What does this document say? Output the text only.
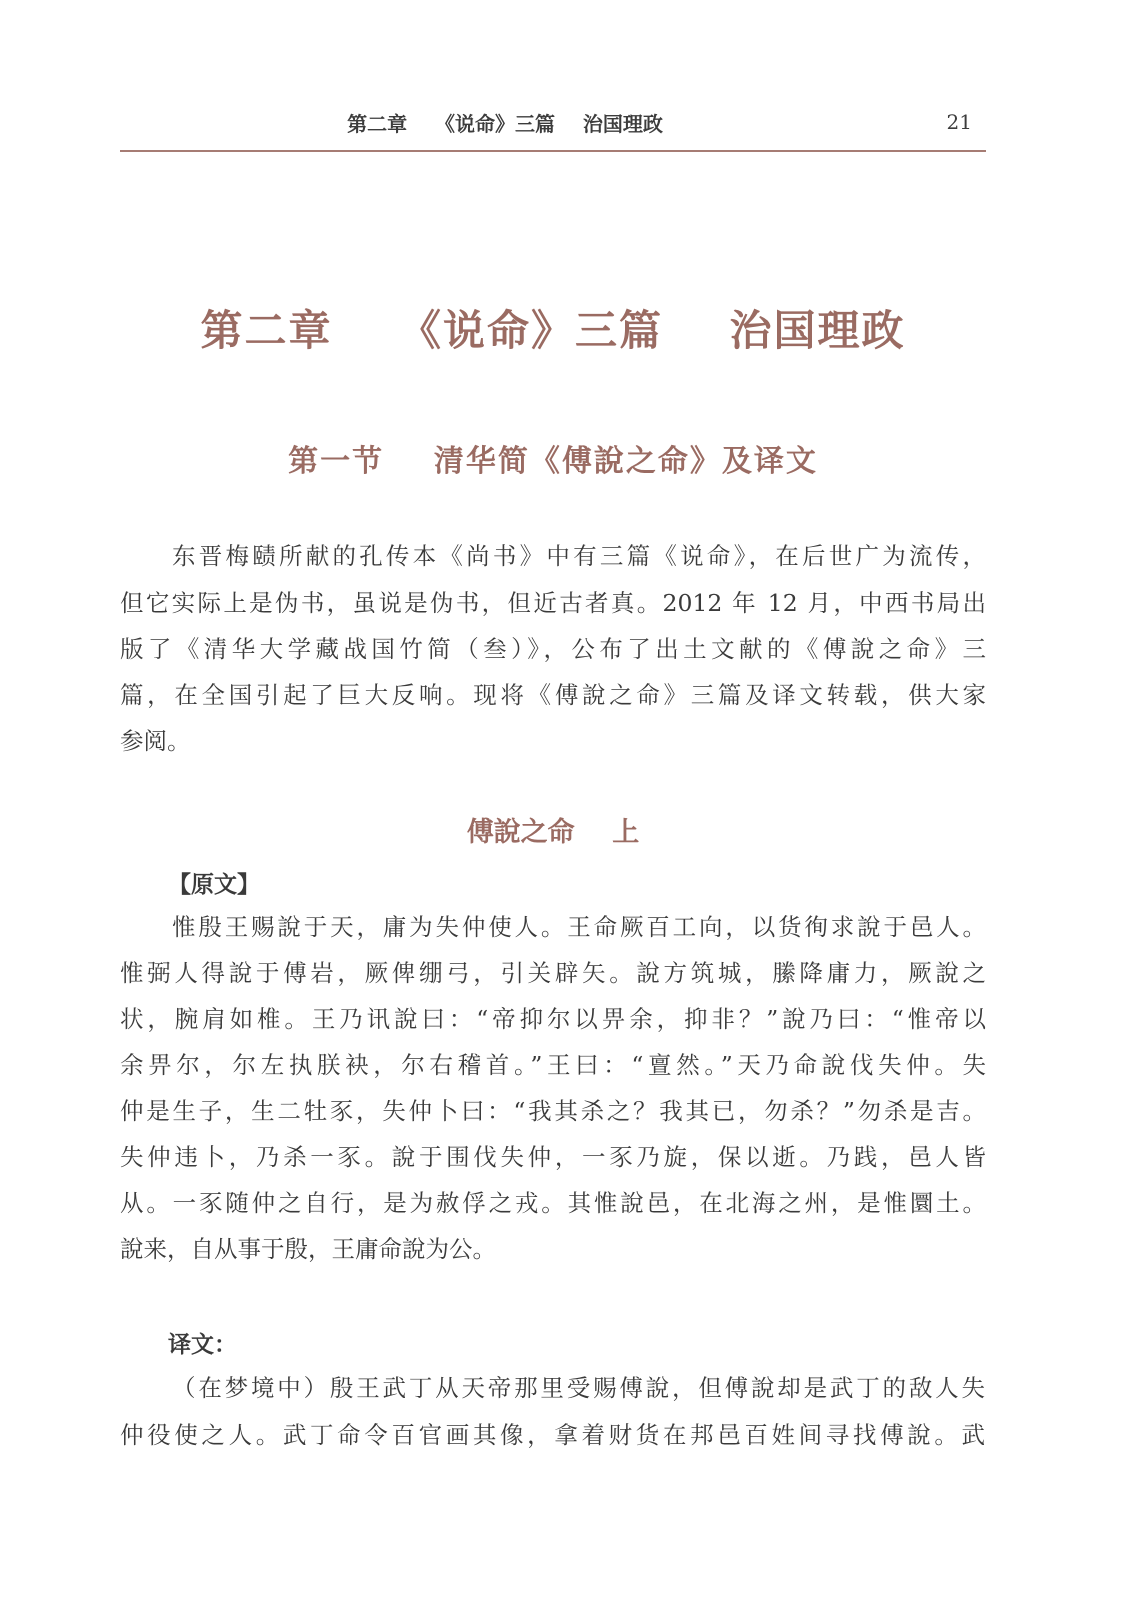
第二章    《说命》三篇    治国理政	21
第二章    《说命》三篇    治国理政
第一节    清华简《傅說之命》及译文
东晋梅赜所献的孔传本《尚书》中有三篇《说命》，在后世广为流传，
但它实际上是伪书，虽说是伪书，但近古者真。2012 年 12 月，中西书局出
版了《清华大学藏战国竹简（叁）》，公布了出土文献的《傅說之命》三
篇，在全国引起了巨大反响。现将《傅說之命》三篇及译文转载，供大家
参阅。
傅說之命    上
【原文】
惟殷王赐說于天，庸为失仲使人。王命厥百工向，以货徇求說于邑人。
惟弼人得說于傅岩，厥俾绷弓，引关辟矢。說方筑城，縢降庸力，厥說之
状，腕肩如椎。王乃讯說曰：“帝抑尔以畀余，抑非？”說乃曰：“惟帝以
余畀尔，尔左执朕袂，尔右稽首。”王曰：“亶然。”天乃命說伐失仲。失
仲是生子，生二牡豕，失仲卜曰：“我其杀之？我其已，勿杀？”勿杀是吉。
失仲违卜，乃杀一豕。說于围伐失仲，一豕乃旋，保以逝。乃践，邑人皆
从。一豕随仲之自行，是为赦俘之戎。其惟說邑，在北海之州，是惟圜土。
說来，自从事于殷，王庸命說为公。
译文：
（在梦境中）殷王武丁从天帝那里受赐傅說，但傅說却是武丁的敌人失
仲役使之人。武丁命令百官画其像，拿着财货在邦邑百姓间寻找傅說。武
